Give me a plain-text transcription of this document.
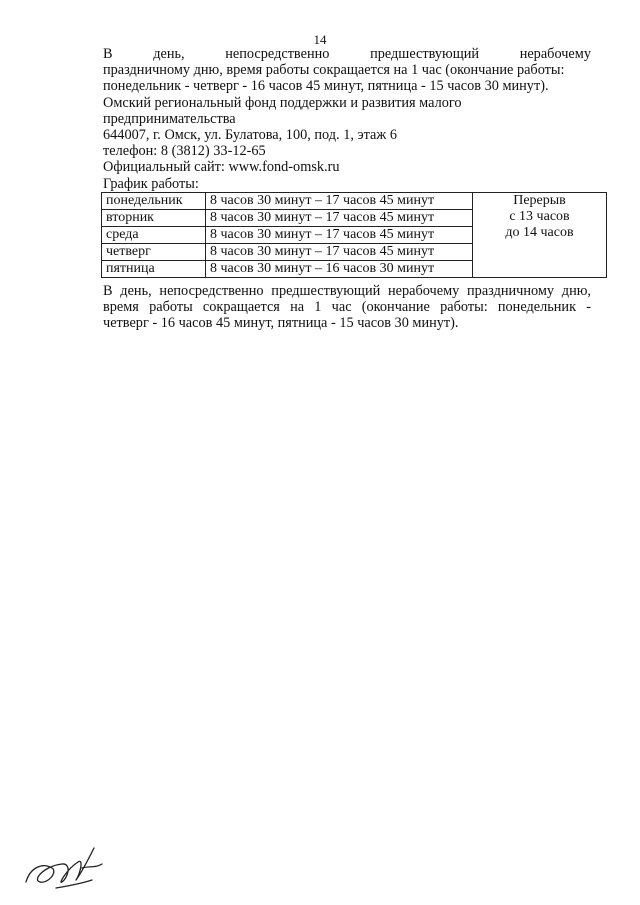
14

В	день,	непосредственно	предшествующий	нерабочему

праздничному дню, время работы сокращается на 1 час (окончание работы:

понедельник - четверг - 16 часов 45 минут, пятница - 15 часов 30 минут).

Омский региональный фонд поддержки и развития малого

предпринимательства

644007, г. Омск, ул. Булатова, 100, под. 1, этаж 6

телефон: 8 (3812) 33-12-65

Официальный сайт: www.fond-omsk.ru

График работы:

понедельник	8 часов 30 минут – 17 часов 45 минут	Перерыв
с 13 часов
до 14 часов

вторник	8 часов 30 минут – 17 часов 45 минут	
среда	8 часов 30 минут – 17 часов 45 минут	
четверг	8 часов 30 минут – 17 часов 45 минут	
пятница	8 часов 30 минут – 16 часов 30 минут	

В день, непосредственно предшествующий нерабочему праздничному дню,

время работы сокращается на 1 час (окончание работы: понедельник -

четверг - 16 часов 45 минут, пятница - 15 часов 30 минут).
